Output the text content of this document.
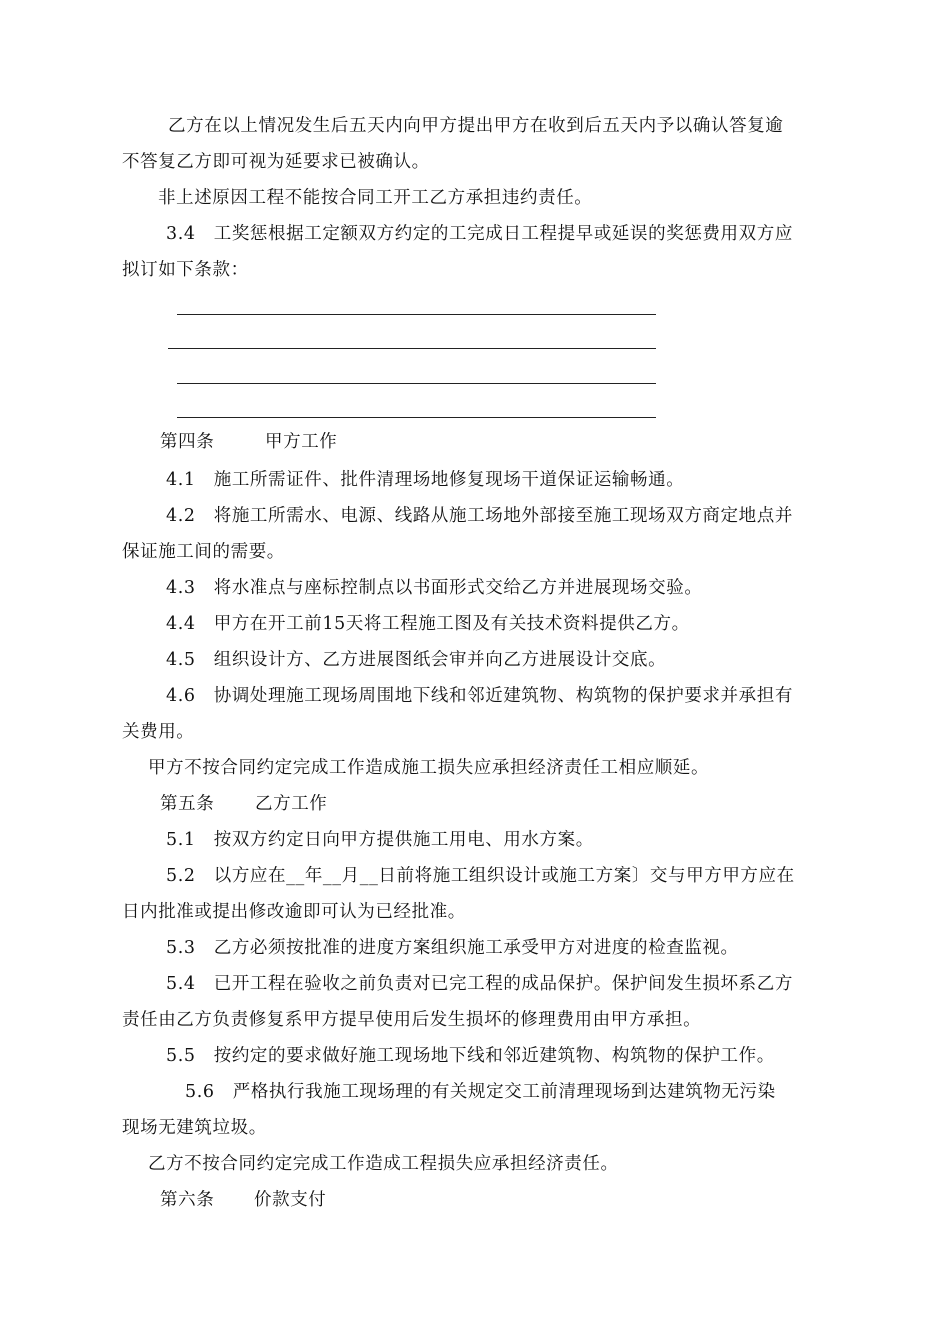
乙方在以上情况发生后五天内向甲方提出甲方在收到后五天内予以确认答复逾
不答复乙方即可视为延要求已被确认。
非上述原因工程不能按合同工开工乙方承担违约责任。
3.4　工奖惩根据工定额双方约定的工完成日工程提早或延误的奖惩费用双方应
拟订如下条款：
第四条	甲方工作
4.1　施工所需证件、批件清理场地修复现场干道保证运输畅通。
4.2　将施工所需水、电源、线路从施工场地外部接至施工现场双方商定地点并
保证施工间的需要。
4.3　将水准点与座标控制点以书面形式交给乙方并进展现场交验。
4.4　甲方在开工前15天将工程施工图及有关技术资料提供乙方。
4.5　组织设计方、乙方进展图纸会审并向乙方进展设计交底。
4.6　协调处理施工现场周围地下线和邻近建筑物、构筑物的保护要求并承担有
关费用。
甲方不按合同约定完成工作造成施工损失应承担经济责任工相应顺延。
第五条 乙方工作
5.1　按双方约定日向甲方提供施工用电、用水方案。
5.2　以方应在__年__月__日前将施工组织设计或施工方案〕交与甲方甲方应在
日内批准或提出修改逾即可认为已经批准。
5.3　乙方必须按批准的进度方案组织施工承受甲方对进度的检查监视。
5.4　已开工程在验收之前负责对已完工程的成品保护。保护间发生损坏系乙方
责任由乙方负责修复系甲方提早使用后发生损坏的修理费用由甲方承担。
5.5　按约定的要求做好施工现场地下线和邻近建筑物、构筑物的保护工作。
5.6　严格执行我施工现场理的有关规定交工前清理现场到达建筑物无污染
现场无建筑垃圾。
乙方不按合同约定完成工作造成工程损失应承担经济责任。
第六条 价款支付
